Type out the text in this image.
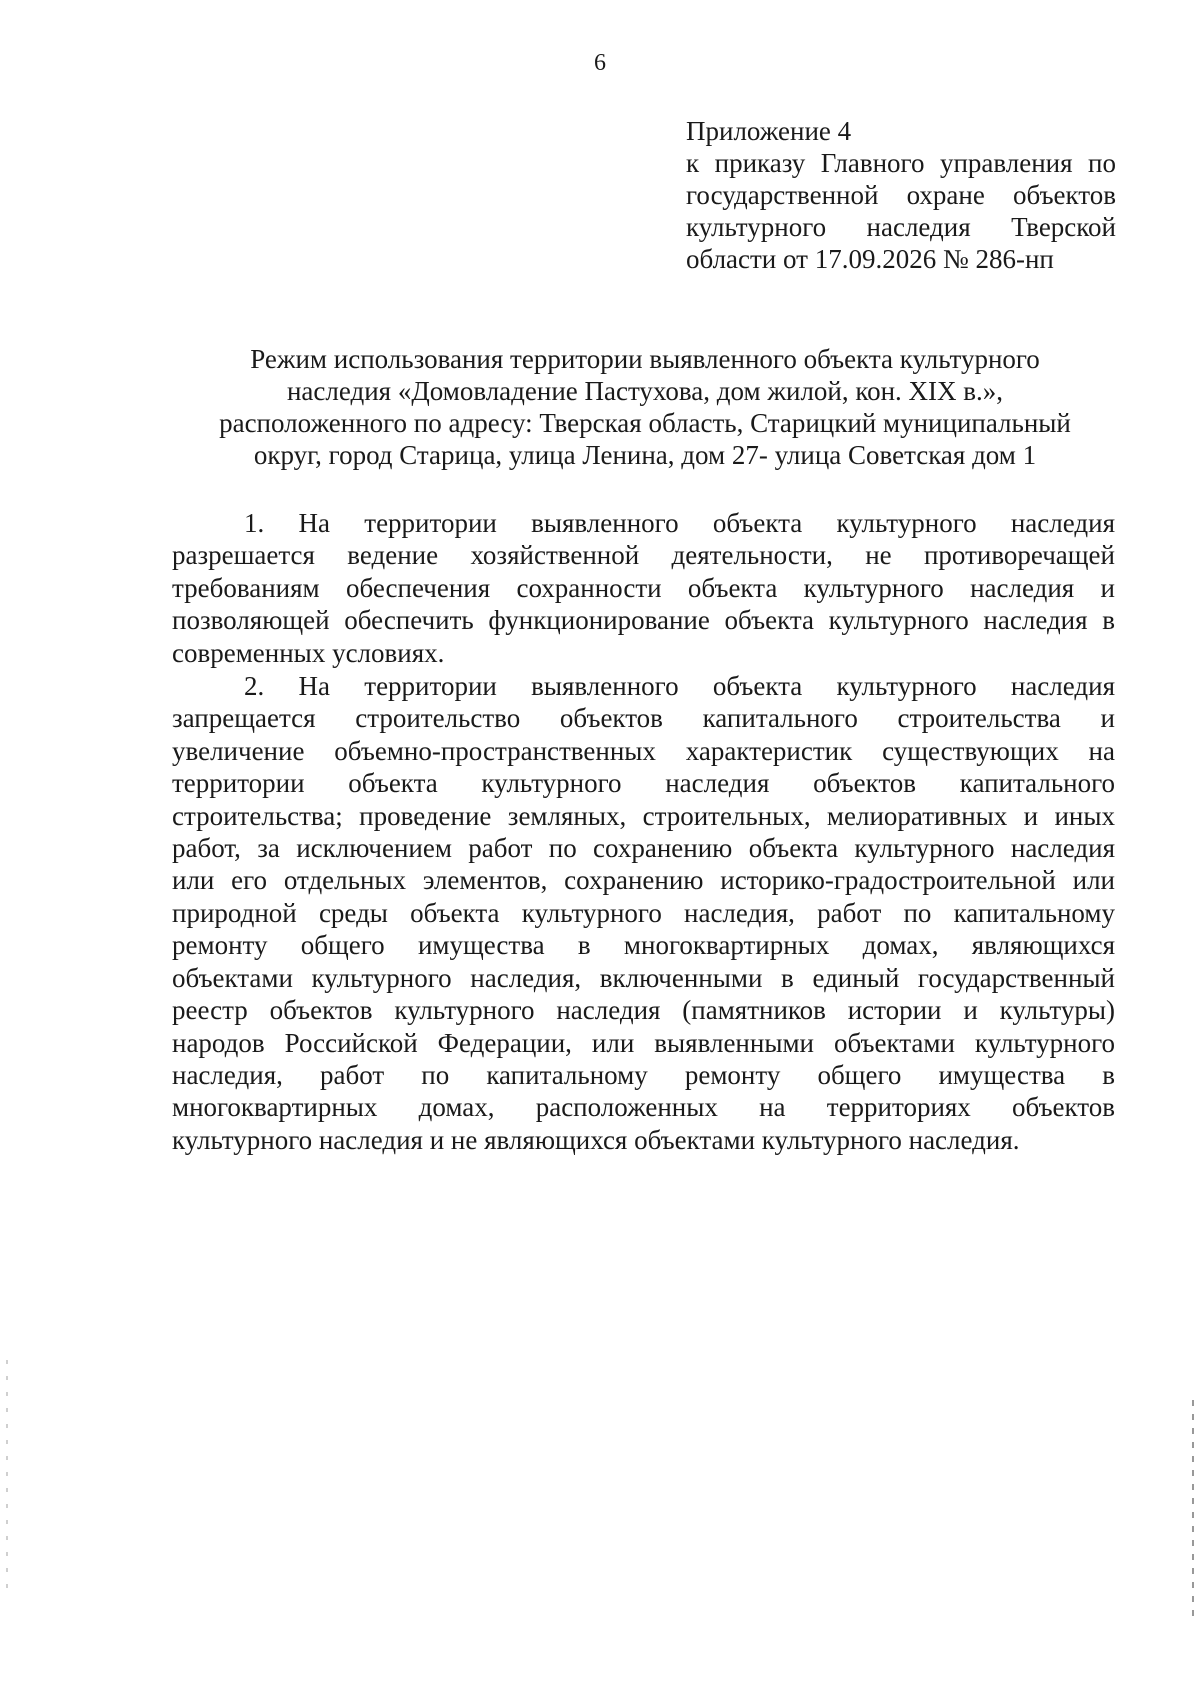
6
Приложение 4
к приказу Главного управления по
государственной охране объектов
культурного наследия Тверской
области от 17.09.2026 № 286-нп
Режим использования территории выявленного объекта культурного
наследия «Домовладение Пастухова, дом жилой, кон. XIX в.»,
расположенного по адресу: Тверская область, Старицкий муниципальный
округ, город Старица, улица Ленина, дом 27- улица Советская дом 1
1. На территории выявленного объекта культурного наследия
разрешается ведение хозяйственной деятельности, не противоречащей
требованиям обеспечения сохранности объекта культурного наследия и
позволяющей обеспечить функционирование объекта культурного наследия в
современных условиях.
2. На территории выявленного объекта культурного наследия
запрещается строительство объектов капитального строительства и
увеличение объемно-пространственных характеристик существующих на
территории объекта культурного наследия объектов капитального
строительства; проведение земляных, строительных, мелиоративных и иных
работ, за исключением работ по сохранению объекта культурного наследия
или его отдельных элементов, сохранению историко-градостроительной или
природной среды объекта культурного наследия, работ по капитальному
ремонту общего имущества в многоквартирных домах, являющихся
объектами культурного наследия, включенными в единый государственный
реестр объектов культурного наследия (памятников истории и культуры)
народов Российской Федерации, или выявленными объектами культурного
наследия, работ по капитальному ремонту общего имущества в
многоквартирных домах, расположенных на территориях объектов
культурного наследия и не являющихся объектами культурного наследия.
